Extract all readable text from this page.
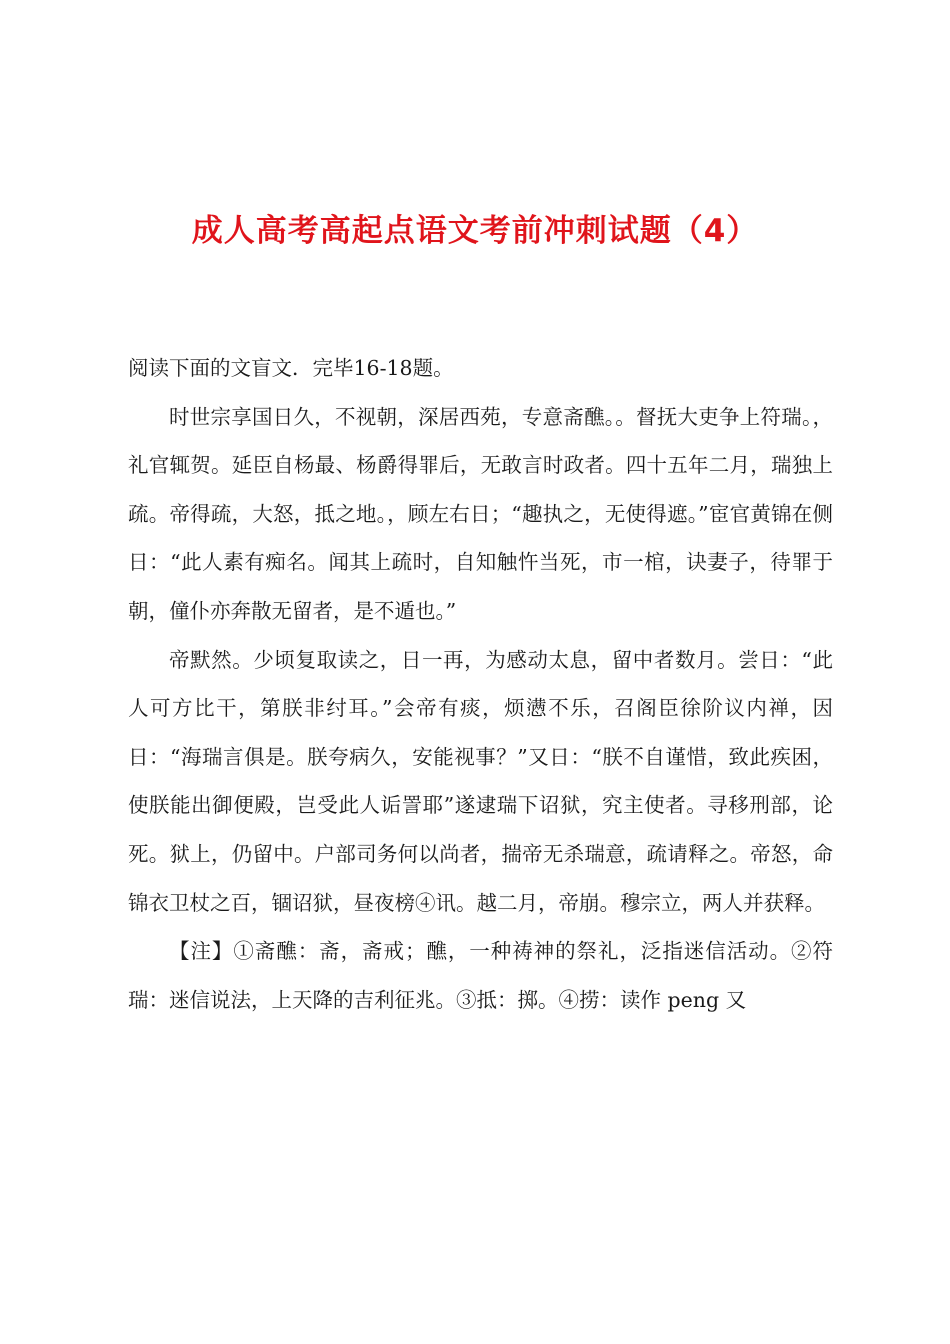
成人高考高起点语文考前冲刺试题（4）

阅读下面的文盲文．完毕16-18题。

时世宗享国日久，不视朝，深居西苑，专意斋醮。。督抚大吏争上符瑞。，礼官辄贺。延臣自杨最、杨爵得罪后，无敢言时政者。四十五年二月，瑞独上疏。帝得疏，大怒，抵之地。，顾左右日；“趣执之，无使得遮。”宦官黄锦在侧日：“此人素有痴名。闻其上疏时，自知触忤当死，市一棺，诀妻子，待罪于朝，僮仆亦奔散无留者，是不遁也。”

帝默然。少顷复取读之，日一再，为感动太息，留中者数月。尝日：“此人可方比干，第朕非纣耳。”会帝有痰，烦懑不乐，召阁臣徐阶议内禅，因日：“海瑞言俱是。朕夸病久，安能视事？”又日：“朕不自谨惜，致此疾困，使朕能出御便殿，岂受此人诟詈耶”遂逮瑞下诏狱，究主使者。寻移刑部，论死。狱上，仍留中。户部司务何以尚者，揣帝无杀瑞意，疏请释之。帝怒，命锦衣卫杖之百，锢诏狱，昼夜榜④讯。越二月，帝崩。穆宗立，两人并获释。

【注】①斋醮：斋，斋戒；醮，一种祷神的祭礼，泛指迷信活动。②符瑞：迷信说法，上天降的吉利征兆。③抵：掷。④捞：读作 peng 又
